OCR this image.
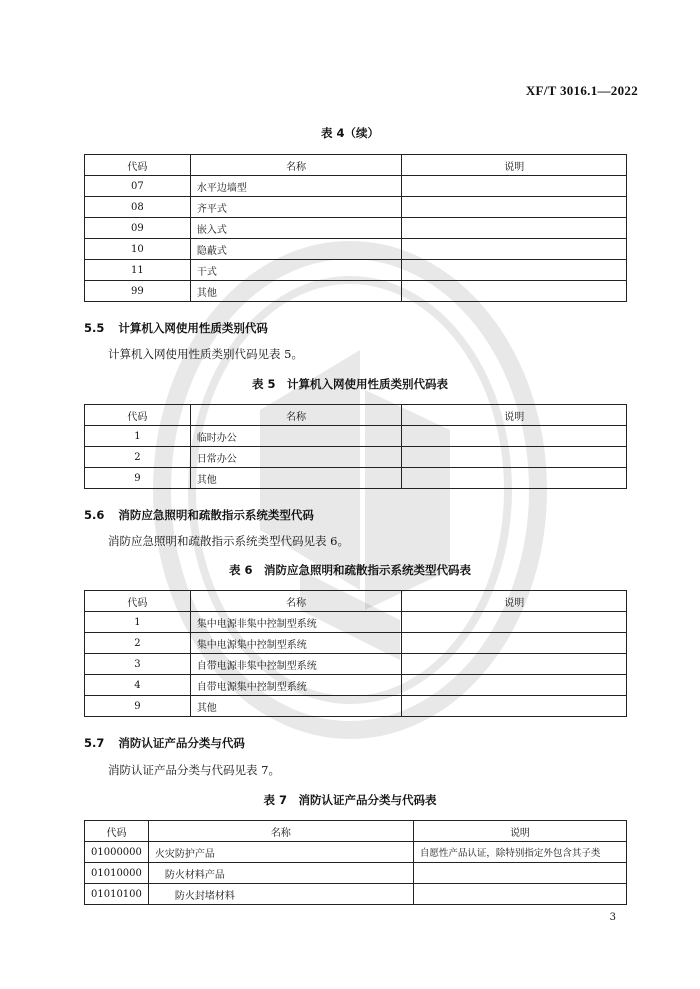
XF/T 3016.1—2022
表 4（续）
代码	名称	说明
07	水平边墙型	
08	齐平式	
09	嵌入式	
10	隐蔽式	
11	干式	
99	其他	
5.5 计算机入网使用性质类别代码
计算机入网使用性质类别代码见表 5。
表 5　计算机入网使用性质类别代码表
代码	名称	说明
1	临时办公	
2	日常办公	
9	其他	
5.6 消防应急照明和疏散指示系统类型代码
消防应急照明和疏散指示系统类型代码见表 6。
表 6　消防应急照明和疏散指示系统类型代码表
代码	名称	说明
1	集中电源非集中控制型系统	
2	集中电源集中控制型系统	
3	自带电源非集中控制型系统	
4	自带电源集中控制型系统	
9	其他	
5.7 消防认证产品分类与代码
消防认证产品分类与代码见表 7。
表 7　消防认证产品分类与代码表
代码	名称	说明
01000000	火灾防护产品	自愿性产品认证，除特别指定外包含其子类
01010000	防火材料产品	
01010100	防火封堵材料	
3
